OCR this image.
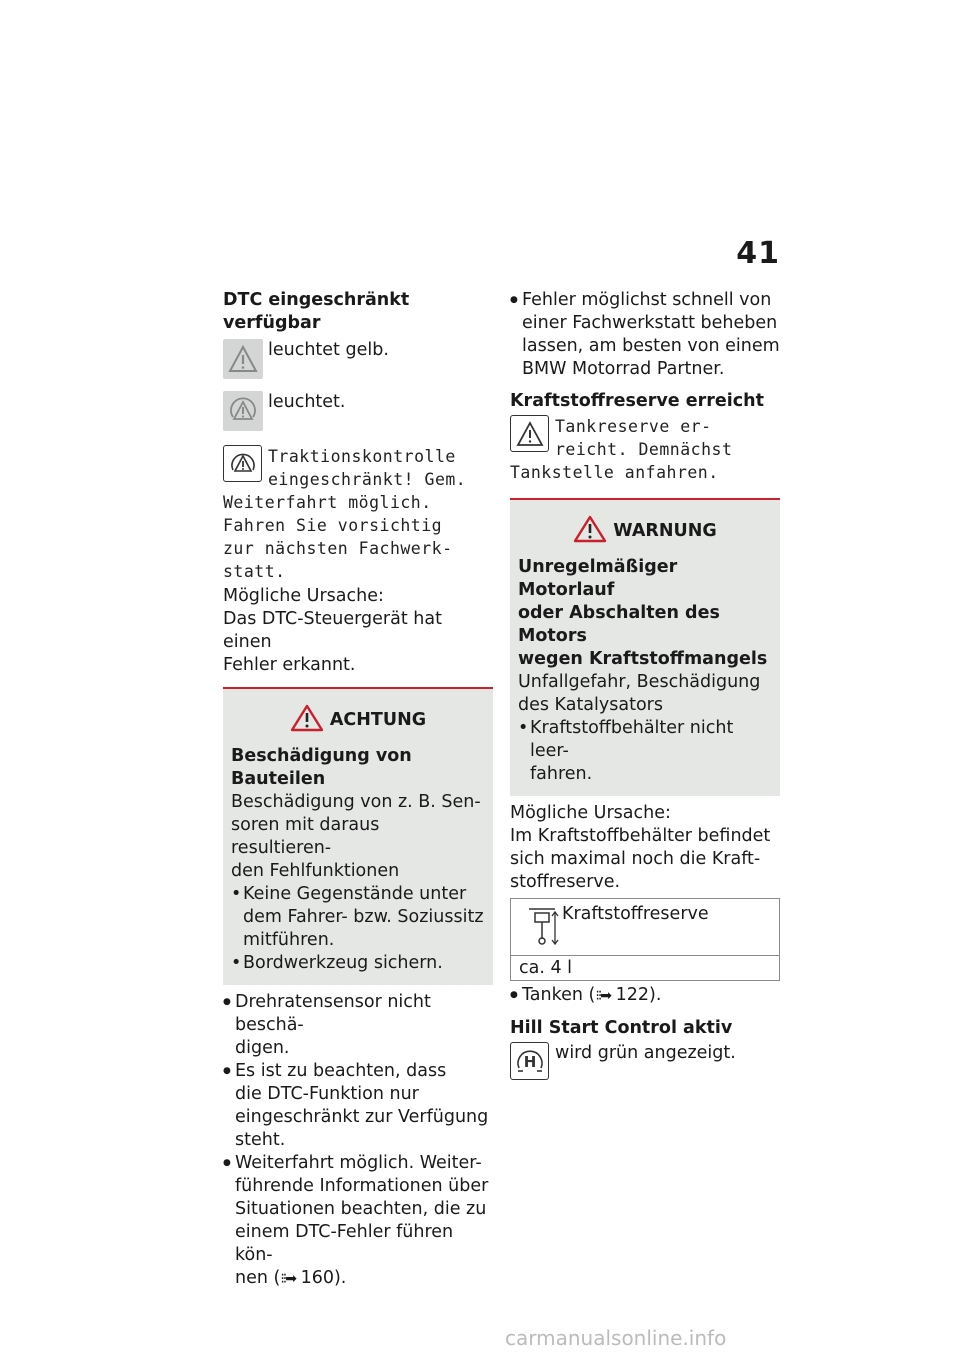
41
DTC eingeschränkt verfügbar
leuchtet gelb.
leuchtet.
Traktionskontrolle
eingeschränkt! Gem.
Weiterfahrt möglich.
Fahren Sie vorsichtig
zur nächsten Fachwerk-
statt.
Mögliche Ursache:
Das DTC-Steuergerät hat einen
Fehler erkannt.
ACHTUNG
Beschädigung von Bauteilen
Beschädigung von z. B. Sen-
soren mit daraus resultieren-
den Fehlfunktionen
• Keine Gegenstände unter
dem Fahrer- bzw. Soziussitz
mitführen.
• Bordwerkzeug sichern.
● Drehratensensor nicht beschä-
digen.
● Es ist zu beachten, dass
die DTC-Funktion nur
eingeschränkt zur Verfügung
steht.
● Weiterfahrt möglich. Weiter-
führende Informationen über
Situationen beachten, die zu
einem DTC-Fehler führen kön-
nen (⁝⁝➡ 160).
● Fehler möglichst schnell von
einer Fachwerkstatt beheben
lassen, am besten von einem
BMW Motorrad Partner.
Kraftstoffreserve erreicht
Tankreserve er-
reicht. Demnächst
Tankstelle anfahren.
WARNUNG
Unregelmäßiger Motorlauf
oder Abschalten des Motors
wegen Kraftstoffmangels
Unfallgefahr, Beschädigung
des Katalysators
• Kraftstoffbehälter nicht leer-
fahren.
Mögliche Ursache:
Im Kraftstoffbehälter befindet
sich maximal noch die Kraft-
stoffreserve.
Kraftstoffreserve
ca. 4 l
● Tanken (⁝⁝➡ 122).
Hill Start Control aktiv
H	wird grün angezeigt.
carmanualsonline.info
